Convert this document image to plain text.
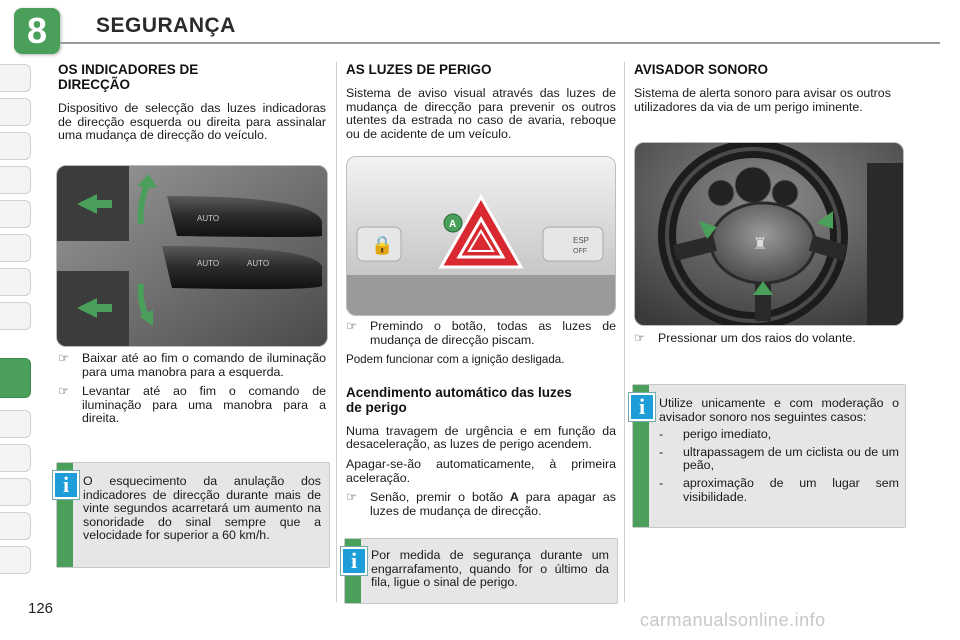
8	SEGURANÇA
OS INDICADORES DE DIRECÇÃO

Dispositivo de selecção das luzes indicadoras de direcção esquerda ou direita para assinalar uma mudança de direcção do veículo.

AUTO
AUTO	AUTO
☞	Baixar até ao fim o comando de iluminação para uma manobra para a esquerda.
☞	Levantar até ao fim o comando de iluminação para uma manobra para a direita.
i	O esquecimento da anulação dos indicadores de direcção durante mais de vinte segundos acarretará um aumento na sonoridade do sinal sempre que a velocidade for superior a 60 km/h.
AS LUZES DE PERIGO

Sistema de aviso visual através das luzes de mudança de direcção para prevenir os outros utentes da estrada no caso de avaria, reboque ou de acidente de um veículo.

🔒
A
ESP
OFF
☞	Premindo o botão, todas as luzes de mudança de direcção piscam.

Podem funcionar com a ignição desligada.

Acendimento automático das luzes de perigo

Numa travagem de urgência e em função da desaceleração, as luzes de perigo acendem.

Apagar-se-ão automaticamente, à primeira aceleração.

☞	Senão, premir o botão A para apagar as luzes de mudança de direcção.
i	Por medida de segurança durante um engarrafamento, quando for o último da fila, ligue o sinal de perigo.
AVISADOR SONORO

Sistema de alerta sonoro para avisar os outros utilizadores da via de um perigo iminente.

♜
☞	Pressionar um dos raios do volante.
i	Utilize unicamente e com moderação o avisador sonoro nos seguintes casos:
-	perigo imediato,
-	ultrapassagem de um ciclista ou de um peão,
-	aproximação de um lugar sem visibilidade.
126
carmanualsonline.info
